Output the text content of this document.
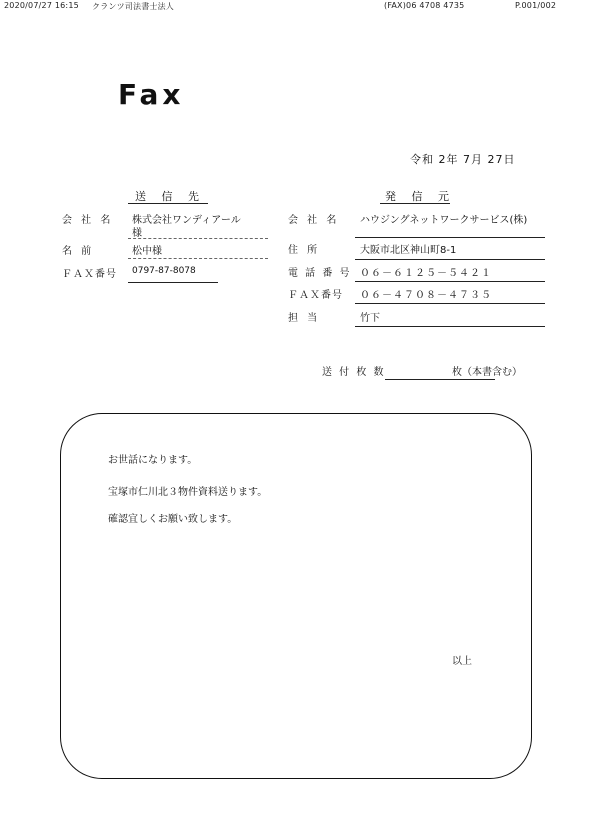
2020/07/27 16:15 クランツ司法書士法人	(FAX)06 4708 4735	P.001/002
Fax
令和 2年 7月 27日
送 信 先
会 社 名 株式会社ワンディアール
様
名 前	松中様
ＦＡＸ番号 0797-87-8078
発 信 元
会 社 名 ハウジングネットワークサービス(株)
住 所	大阪市北区神山町8-1
電 話 番 号 ０６－６１２５－５４２１
ＦＡＸ番号 ０６－４７０８－４７３５
担 当	竹下
送 付 枚 数	枚（本書含む）
お世話になります。
宝塚市仁川北３物件資料送ります。
確認宜しくお願い致します。
以上
